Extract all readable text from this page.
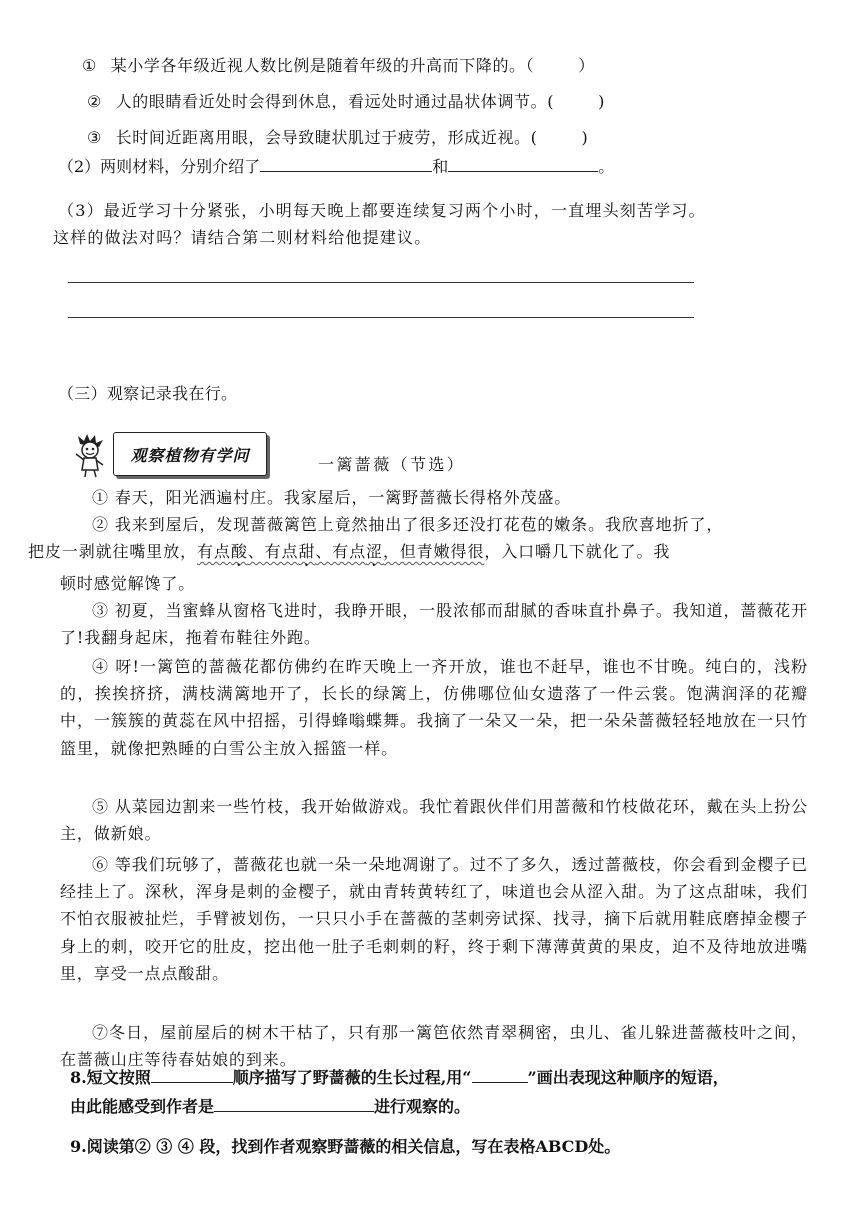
① 某小学各年级近视人数比例是随着年级的升高而下降的。（	）
② 人的眼睛看近处时会得到休息，看远处时通过晶状体调节。(	)
③ 长时间近距离用眼，会导致睫状肌过于疲劳，形成近视。(	)
（2）两则材料，分别介绍了	和	。
（3）最近学习十分紧张，小明每天晚上都要连续复习两个小时，一直埋头刻苦学习。
这样的做法对吗？请结合第二则材料给他提建议。
（三）观察记录我在行。
观察植物有学问	一篱蔷薇（节选）
① 春天，阳光洒遍村庄。我家屋后，一篱野蔷薇长得格外茂盛。
② 我来到屋后，发现蔷薇篱笆上竟然抽出了很多还没打花苞的嫩条。我欣喜地折了，
把皮一剥就往嘴里放，有点酸、有点甜、有点涩，但青嫩得很，入口嚼几下就化了。我
顿时感觉解馋了。
③ 初夏，当蜜蜂从窗格飞进时，我睁开眼，一股浓郁而甜腻的香味直扑鼻子。我知道，蔷薇花开了!我翻身起床，拖着布鞋往外跑。
④ 呀!一篱笆的蔷薇花都仿佛约在昨天晚上一齐开放，谁也不赶早，谁也不甘晚。纯白的，浅粉的，挨挨挤挤，满枝满篱地开了，长长的绿篱上，仿佛哪位仙女遗落了一件云裳。饱满润泽的花瓣中，一簇簇的黄蕊在风中招摇，引得蜂嗡蝶舞。我摘了一朵又一朵，把一朵朵蔷薇轻轻地放在一只竹篮里，就像把熟睡的白雪公主放入摇篮一样。
⑤ 从菜园边割来一些竹枝，我开始做游戏。我忙着跟伙伴们用蔷薇和竹枝做花环，戴在头上扮公主，做新娘。
⑥ 等我们玩够了，蔷薇花也就一朵一朵地凋谢了。过不了多久，透过蔷薇枝，你会看到金樱子已经挂上了。深秋，浑身是刺的金樱子，就由青转黄转红了，味道也会从涩入甜。为了这点甜味，我们不怕衣服被扯烂，手臂被划伤，一只只小手在蔷薇的茎刺旁试探、找寻，摘下后就用鞋底磨掉金樱子身上的刺，咬开它的肚皮，挖出他一肚子毛刺刺的籽，终于剩下薄薄黄黄的果皮，迫不及待地放进嘴里，享受一点点酸甜。
⑦冬日，屋前屋后的树木干枯了，只有那一篱笆依然青翠稠密，虫儿、雀儿躲进蔷薇枝叶之间，在蔷薇山庄等待春姑娘的到来。
8.短文按照	顺序描写了野蔷薇的生长过程,用“	”画出表现这种顺序的短语，
由此能感受到作者是	进行观察的。
9.阅读第② ③ ④ 段，找到作者观察野蔷薇的相关信息，写在表格ABCD处。
